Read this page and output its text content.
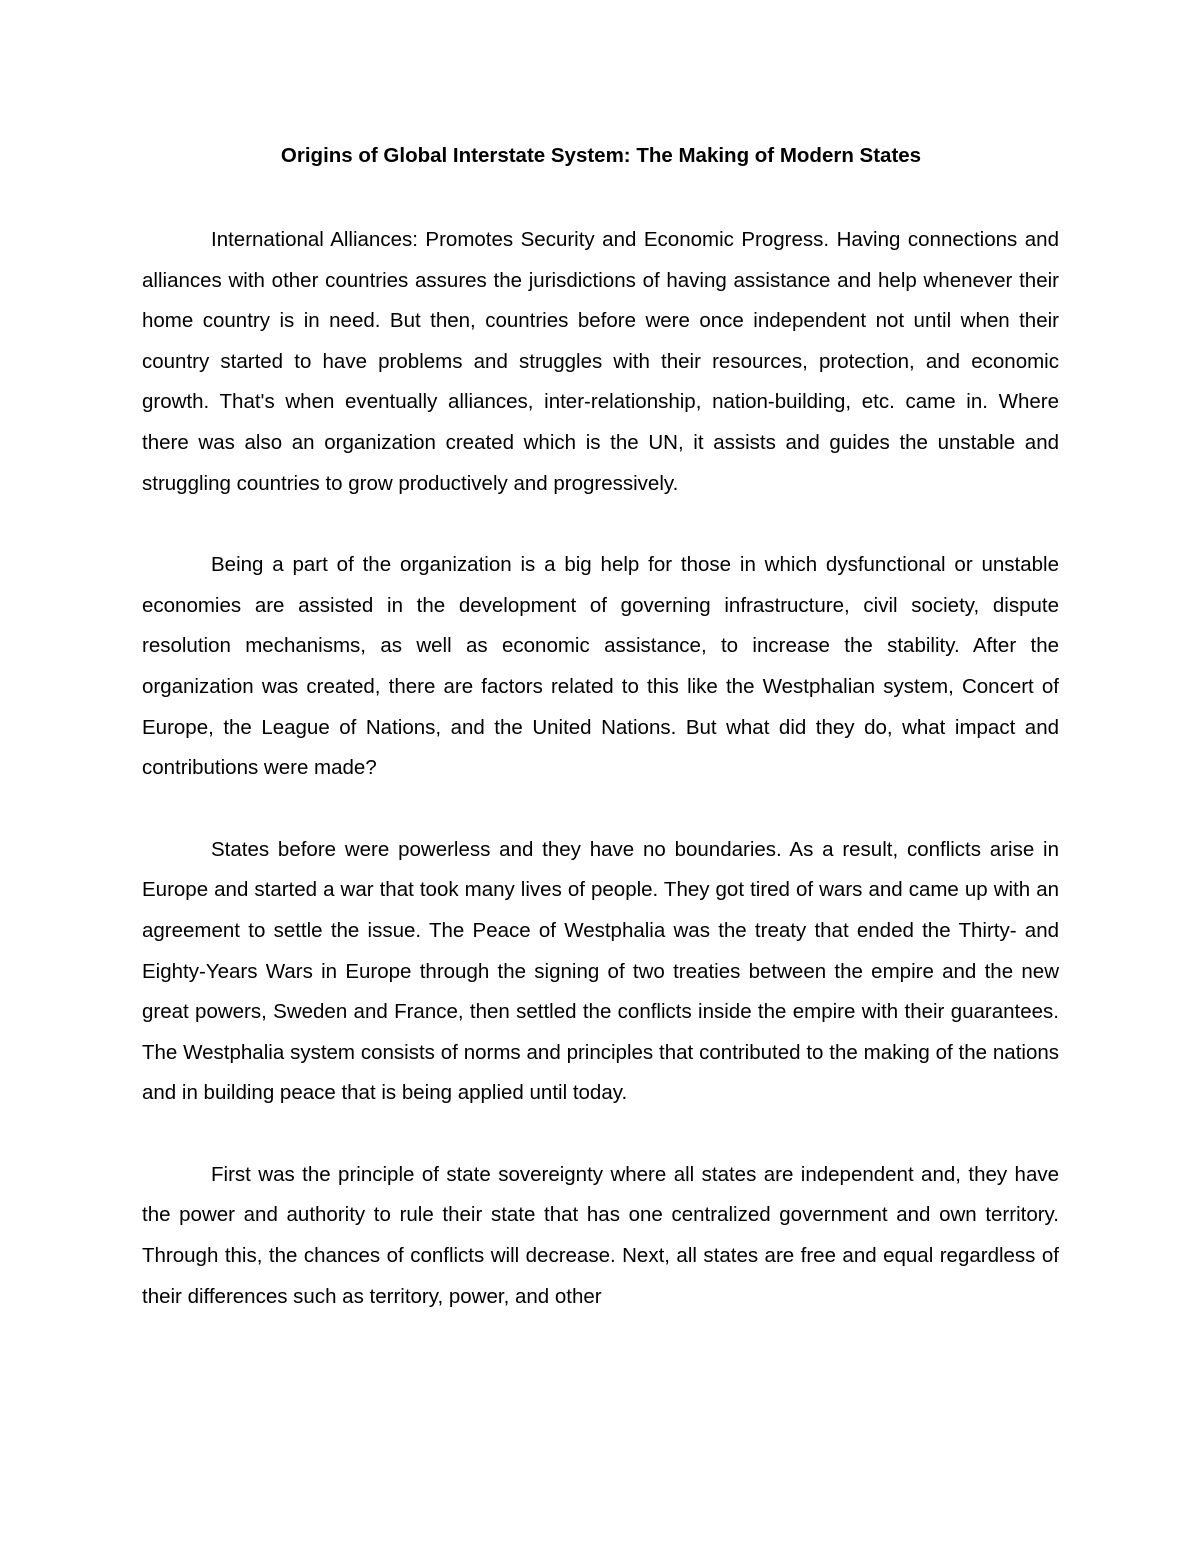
Origins of Global Interstate System: The Making of Modern States

International Alliances: Promotes Security and Economic Progress. Having connections and alliances with other countries assures the jurisdictions of having assistance and help whenever their home country is in need. But then, countries before were once independent not until when their country started to have problems and struggles with their resources, protection, and economic growth. That's when eventually alliances, inter-relationship, nation-building, etc. came in. Where there was also an organization created which is the UN, it assists and guides the unstable and struggling countries to grow productively and progressively.

Being a part of the organization is a big help for those in which dysfunctional or unstable economies are assisted in the development of governing infrastructure, civil society, dispute resolution mechanisms, as well as economic assistance, to increase the stability. After the organization was created, there are factors related to this like the Westphalian system, Concert of Europe, the League of Nations, and the United Nations. But what did they do, what impact and contributions were made?

States before were powerless and they have no boundaries. As a result, conflicts arise in Europe and started a war that took many lives of people. They got tired of wars and came up with an agreement to settle the issue. The Peace of Westphalia was the treaty that ended the Thirty- and Eighty-Years Wars in Europe through the signing of two treaties between the empire and the new great powers, Sweden and France, then settled the conflicts inside the empire with their guarantees. The Westphalia system consists of norms and principles that contributed to the making of the nations and in building peace that is being applied until today.

First was the principle of state sovereignty where all states are independent and, they have the power and authority to rule their state that has one centralized government and own territory. Through this, the chances of conflicts will decrease. Next, all states are free and equal regardless of their differences such as territory, power, and other
